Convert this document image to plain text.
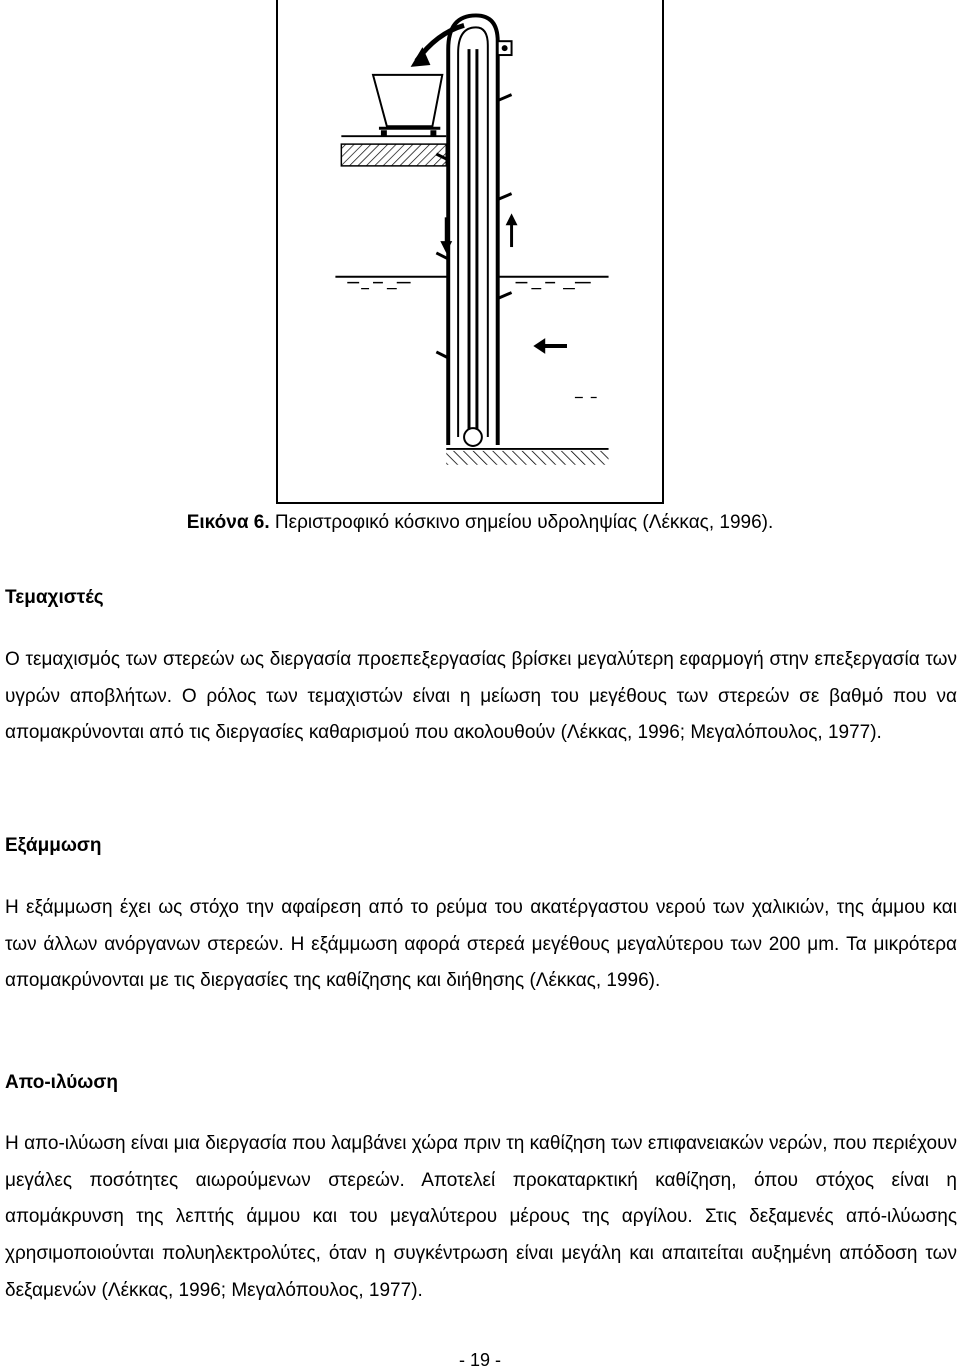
Εικόνα 6. Περιστροφικό κόσκινο σημείου υδροληψίας (Λέκκας, 1996).
Τεμαχιστές
Ο τεμαχισμός των στερεών ως διεργασία προεπεξεργασίας βρίσκει μεγαλύτερη εφαρμογή στην επεξεργασία των υγρών αποβλήτων. Ο ρόλος των τεμαχιστών είναι η μείωση του μεγέθους των στερεών σε βαθμό που να απομακρύνονται από τις διεργασίες καθαρισμού που ακολουθούν (Λέκκας, 1996; Μεγαλόπουλος, 1977).
Εξάμμωση
Η εξάμμωση έχει ως στόχο την αφαίρεση από το ρεύμα του ακατέργαστου νερού των χαλικιών, της άμμου και των άλλων ανόργανων στερεών. Η εξάμμωση αφορά στερεά μεγέθους μεγαλύτερου των 200 μm. Τα μικρότερα απομακρύνονται με τις διεργασίες της καθίζησης και διήθησης (Λέκκας, 1996).
Απο-ιλύωση
Η απο-ιλύωση είναι μια διεργασία που λαμβάνει χώρα πριν τη καθίζηση των επιφανειακών νερών, που περιέχουν μεγάλες ποσότητες αιωρούμενων στερεών. Αποτελεί προκαταρκτική καθίζηση, όπου στόχος είναι η απομάκρυνση της λεπτής άμμου και του μεγαλύτερου μέρους της αργίλου. Στις δεξαμενές από-ιλύωσης χρησιμοποιούνται πολυηλεκτρολύτες, όταν η συγκέντρωση είναι μεγάλη και απαιτείται αυξημένη απόδοση των δεξαμενών (Λέκκας, 1996; Μεγαλόπουλος, 1977).
- 19 -
